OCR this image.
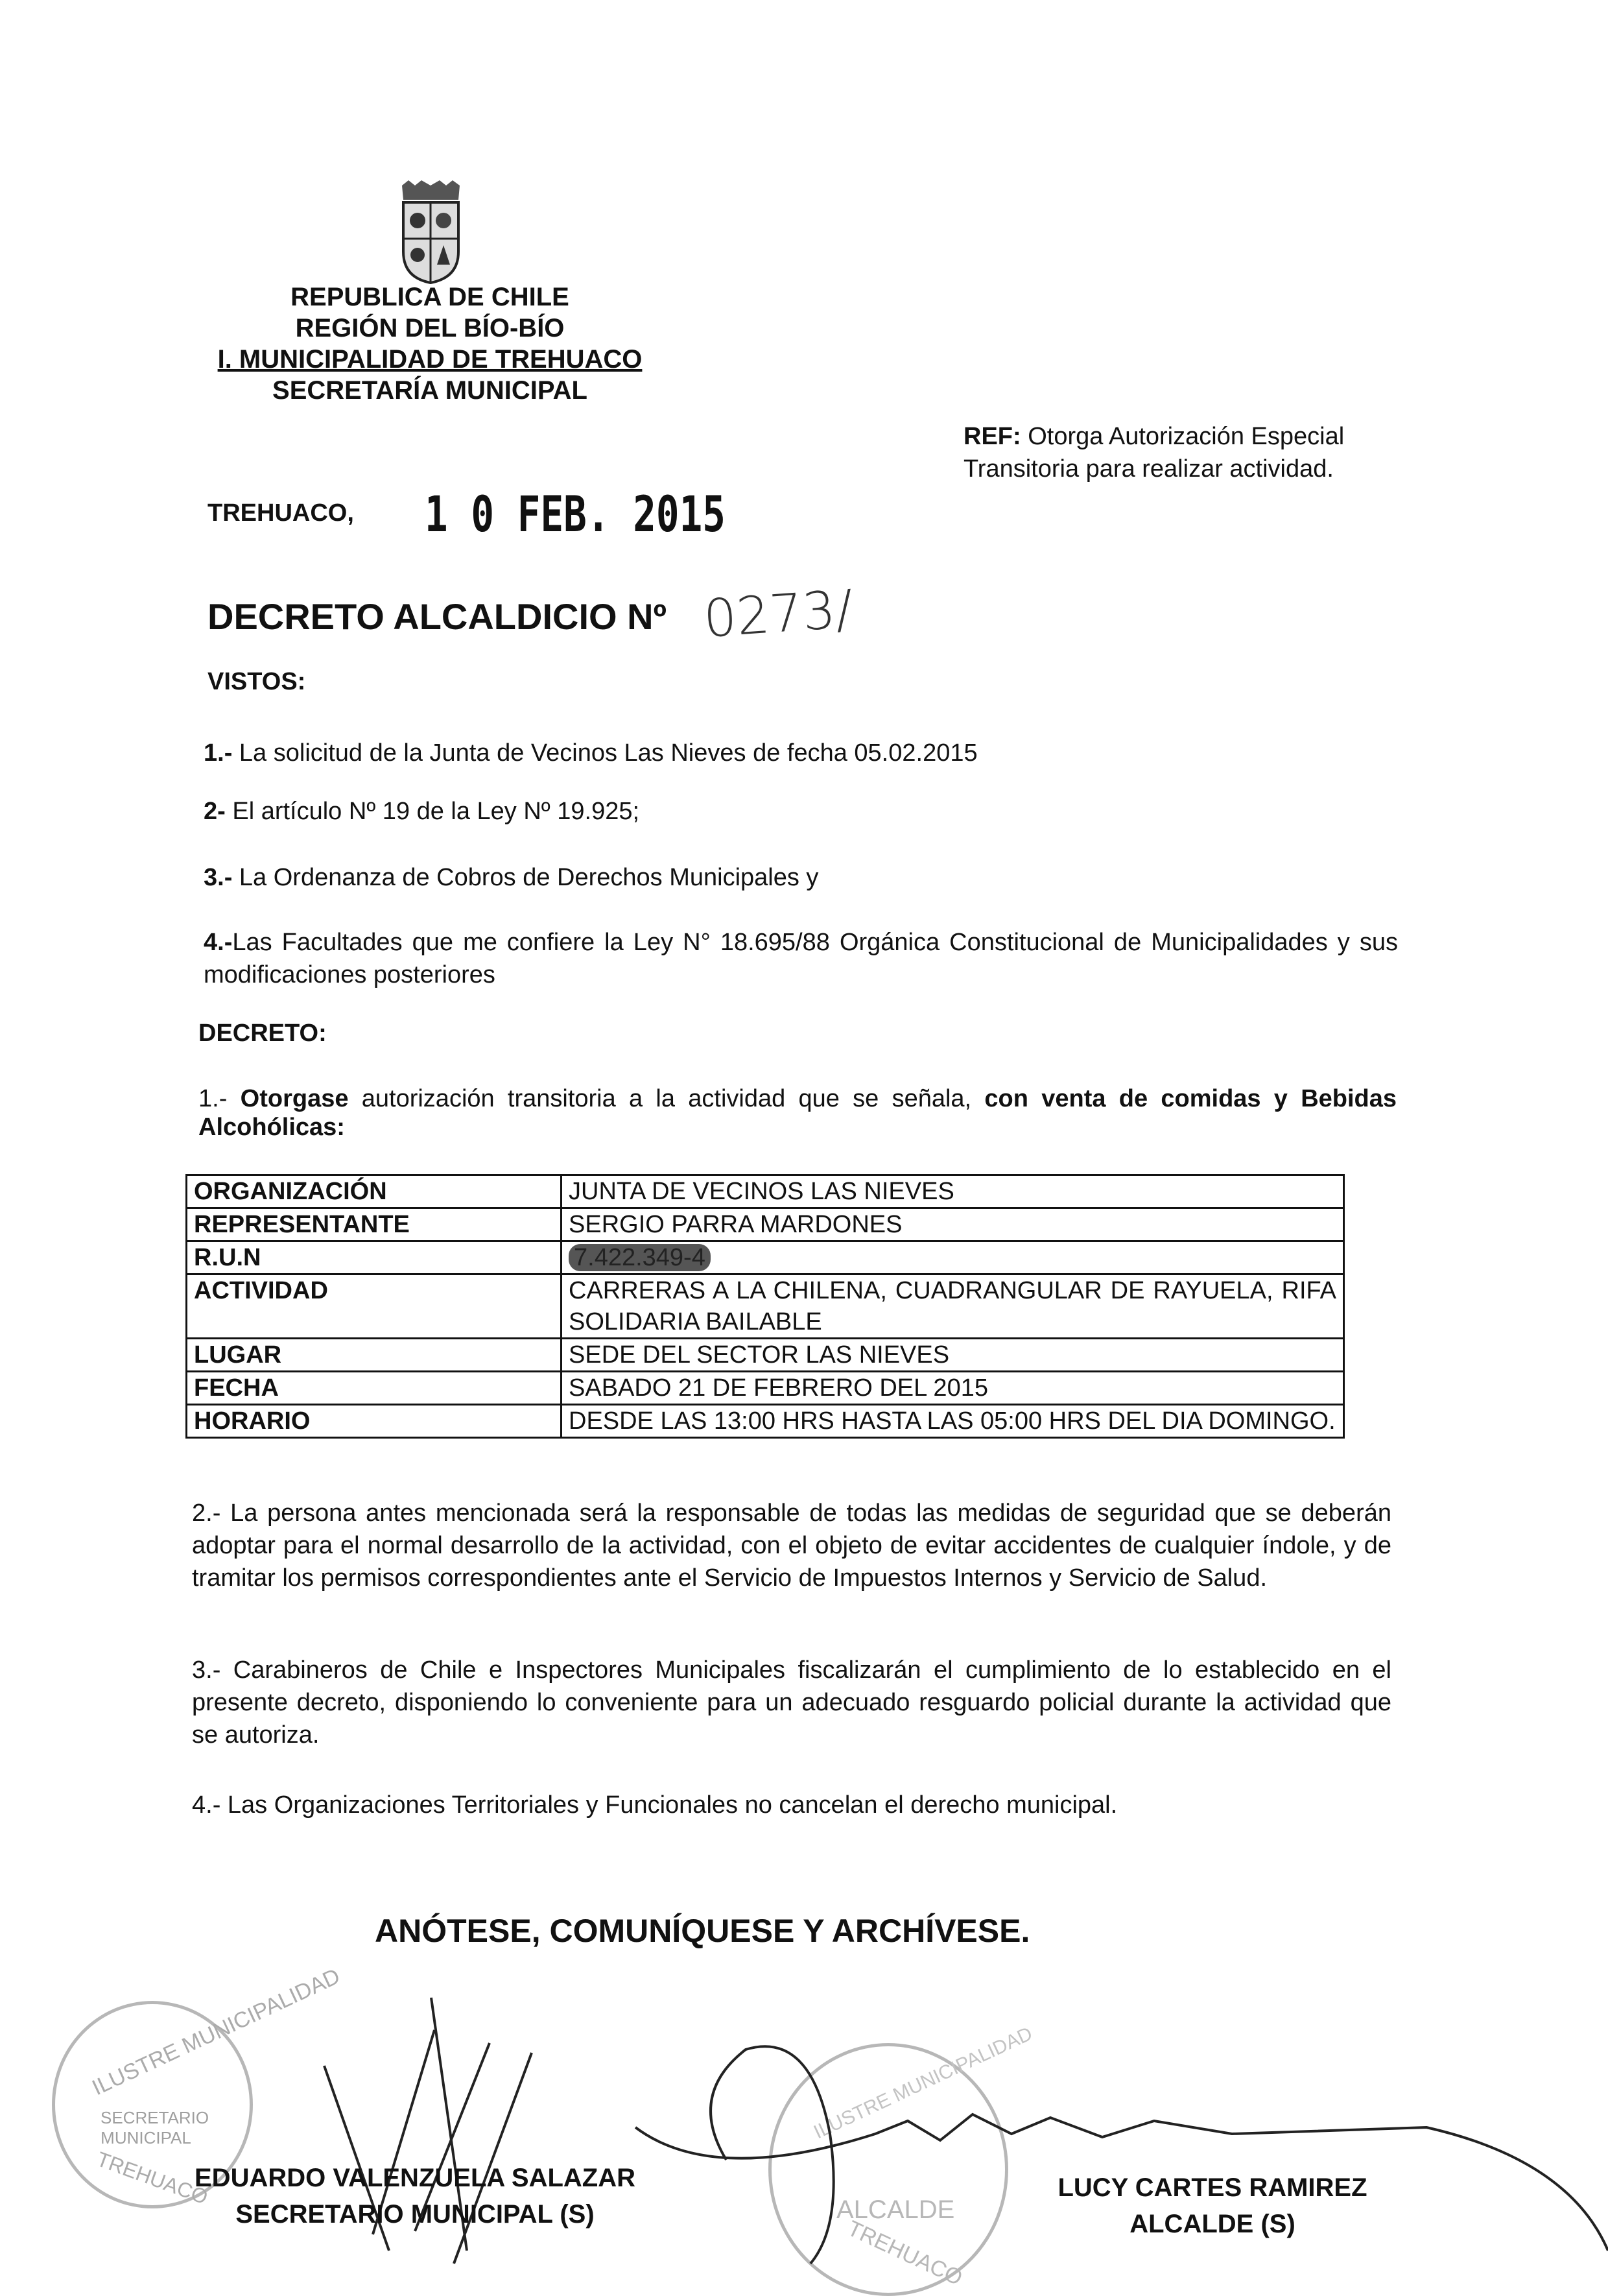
REPUBLICA DE CHILE
REGIÓN DEL BÍO-BÍO
I. MUNICIPALIDAD DE TREHUACO
SECRETARÍA MUNICIPAL
REF: Otorga Autorización Especial
Transitoria para realizar actividad.
TREHUACO, 1 0 FEB. 2015
DECRETO ALCALDICIO Nº 0273/
VISTOS:
1.- La solicitud de la Junta de Vecinos Las Nieves de fecha 05.02.2015
2- El artículo Nº 19 de la Ley Nº 19.925;
3.- La Ordenanza de Cobros de Derechos Municipales y
4.-Las Facultades que me confiere la Ley N° 18.695/88 Orgánica Constitucional de Municipalidades y sus modificaciones posteriores
DECRETO:
1.- Otorgase autorización transitoria a la actividad que se señala, con venta de comidas y Bebidas Alcohólicas:
ORGANIZACIÓN	JUNTA DE VECINOS LAS NIEVES
REPRESENTANTE	SERGIO PARRA MARDONES
R.U.N	7.422.349-4
ACTIVIDAD	CARRERAS A LA CHILENA, CUADRANGULAR DE RAYUELA, RIFA SOLIDARIA BAILABLE
LUGAR	SEDE DEL SECTOR LAS NIEVES
FECHA	SABADO 21 DE FEBRERO DEL 2015
HORARIO	DESDE LAS 13:00 HRS HASTA LAS 05:00 HRS DEL DIA DOMINGO.
2.- La persona antes mencionada será la responsable de todas las medidas de seguridad que se deberán adoptar para el normal desarrollo de la actividad, con el objeto de evitar accidentes de cualquier índole, y de tramitar los permisos correspondientes ante el Servicio de Impuestos Internos y Servicio de Salud.
3.- Carabineros de Chile e Inspectores Municipales fiscalizarán el cumplimiento de lo establecido en el presente decreto, disponiendo lo conveniente para un adecuado resguardo policial durante la actividad que se autoriza.
4.- Las Organizaciones Territoriales y Funcionales no cancelan el derecho municipal.
ANÓTESE, COMUNÍQUESE Y ARCHÍVESE.
ILUSTRE MUNICIPALIDAD
SECRETARIO MUNICIPAL
TREHUACO
ILUSTRE MUNICIPALIDAD
ALCALDE
TREHUACO
EDUARDO VALENZUELA SALAZAR
SECRETARIO MUNICIPAL (S)
LUCY CARTES RAMIREZ
ALCALDE (S)
